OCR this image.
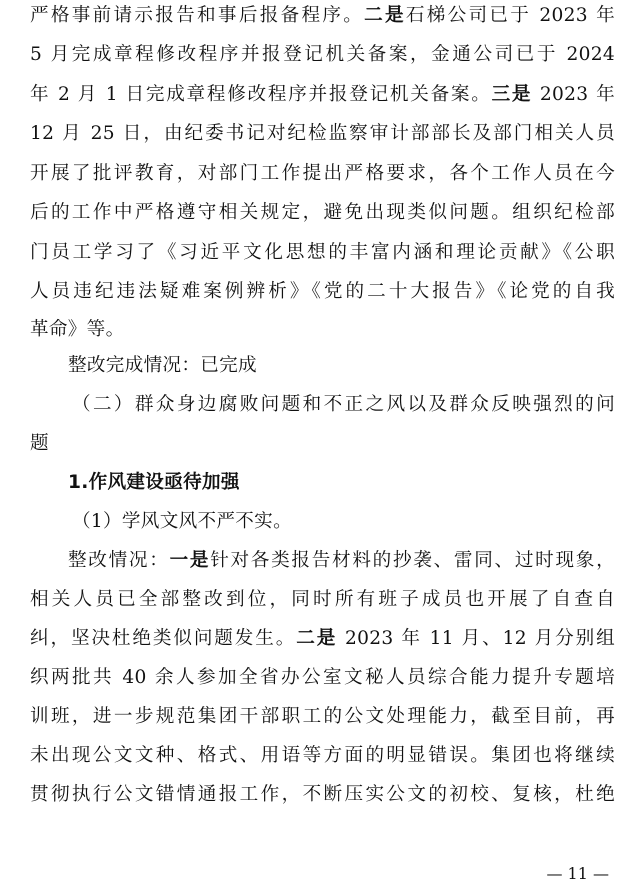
严格事前请示报告和事后报备程序。二是石梯公司已于 2023 年
5 月完成章程修改程序并报登记机关备案，金通公司已于 2024
年 2 月 1 日完成章程修改程序并报登记机关备案。三是 2023 年
12 月 25 日，由纪委书记对纪检监察审计部部长及部门相关人员
开展了批评教育，对部门工作提出严格要求，各个工作人员在今
后的工作中严格遵守相关规定，避免出现类似问题。组织纪检部
门员工学习了《习近平文化思想的丰富内涵和理论贡献》《公职
人员违纪违法疑难案例辨析》《党的二十大报告》《论党的自我
革命》等。
整改完成情况：已完成
（二）群众身边腐败问题和不正之风以及群众反映强烈的问
题
1.作风建设亟待加强
（1）学风文风不严不实。
整改情况：一是针对各类报告材料的抄袭、雷同、过时现象，
相关人员已全部整改到位，同时所有班子成员也开展了自查自
纠，坚决杜绝类似问题发生。二是 2023 年 11 月、12 月分别组
织两批共 40 余人参加全省办公室文秘人员综合能力提升专题培
训班，进一步规范集团干部职工的公文处理能力，截至目前，再
未出现公文文种、格式、用语等方面的明显错误。集团也将继续
贯彻执行公文错情通报工作，不断压实公文的初校、复核，杜绝
— 11 —
